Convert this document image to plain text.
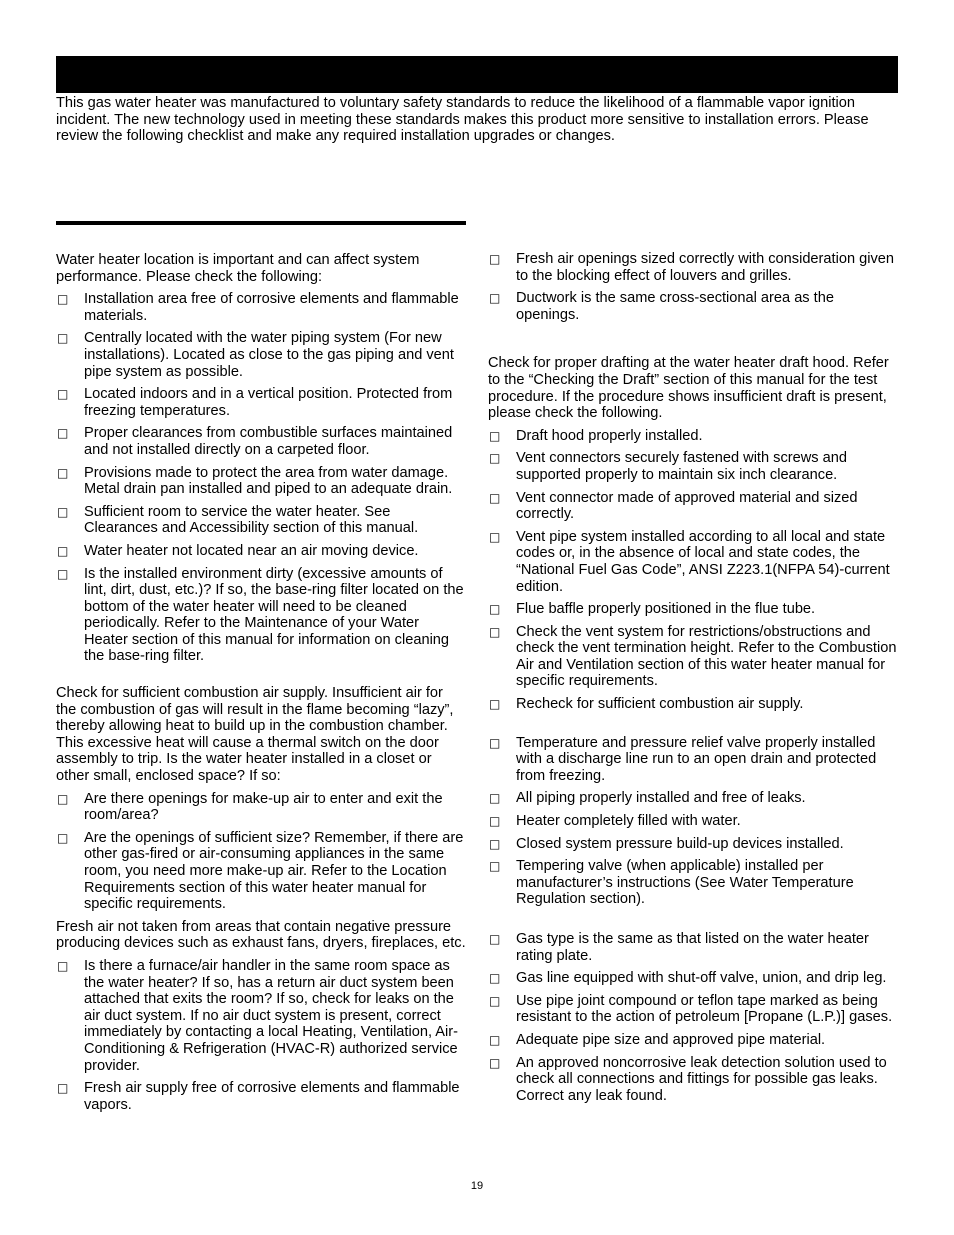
This gas water heater was manufactured to voluntary safety standards to reduce the likelihood of a flammable vapor ignition incident. The new technology used in meeting these standards makes this product more sensitive to installation errors. Please review the following checklist and make any required installation upgrades or changes.

Water heater location is important and can affect system performance. Please check the following:

□ Installation area free of corrosive elements and flammable materials.
□ Centrally located with the water piping system (For new installations). Located as close to the gas piping and vent pipe system as possible.
□ Located indoors and in a vertical position. Protected from freezing temperatures.
□ Proper clearances from combustible surfaces maintained and not installed directly on a carpeted floor.
□ Provisions made to protect the area from water damage. Metal drain pan installed and piped to an adequate drain.
□ Sufficient room to service the water heater. See Clearances and Accessibility section of this manual.
□ Water heater not located near an air moving device.
□ Is the installed environment dirty (excessive amounts of lint, dirt, dust, etc.)? If so, the base-ring filter located on the bottom of the water heater will need to be cleaned periodically. Refer to the Maintenance of your Water Heater section of this manual for information on cleaning the base-ring filter.

Check for sufficient combustion air supply. Insufficient air for the combustion of gas will result in the flame becoming “lazy”, thereby allowing heat to build up in the combustion chamber. This excessive heat will cause a thermal switch on the door assembly to trip. Is the water heater installed in a closet or other small, enclosed space? If so:

□ Are there openings for make-up air to enter and exit the room/area?
□ Are the openings of sufficient size? Remember, if there are other gas-fired or air-consuming appliances in the same room, you need more make-up air. Refer to the Location Requirements section of this water heater manual for specific requirements.

Fresh air not taken from areas that contain negative pressure producing devices such as exhaust fans, dryers, fireplaces, etc.

□ Is there a furnace/air handler in the same room space as the water heater? If so, has a return air duct system been attached that exits the room? If so, check for leaks on the air duct system. If no air duct system is present, correct immediately by contacting a local Heating, Ventilation, Air-Conditioning & Refrigeration (HVAC-R) authorized service provider.
□ Fresh air supply free of corrosive elements and flammable vapors.
□ Fresh air openings sized correctly with consideration given to the blocking effect of louvers and grilles.
□ Ductwork is the same cross-sectional area as the openings.

Check for proper drafting at the water heater draft hood. Refer to the “Checking the Draft” section of this manual for the test procedure. If the procedure shows insufficient draft is present, please check the following.

□ Draft hood properly installed.
□ Vent connectors securely fastened with screws and supported properly to maintain six inch clearance.
□ Vent connector made of approved material and sized correctly.
□ Vent pipe system installed according to all local and state codes or, in the absence of local and state codes, the “National Fuel Gas Code”, ANSI Z223.1(NFPA 54)-current edition.
□ Flue baffle properly positioned in the flue tube.
□ Check the vent system for restrictions/obstructions and check the vent termination height. Refer to the Combustion Air and Ventilation section of this water heater manual for specific requirements.
□ Recheck for sufficient combustion air supply.
□ Temperature and pressure relief valve properly installed with a discharge line run to an open drain and protected from freezing.
□ All piping properly installed and free of leaks.
□ Heater completely filled with water.
□ Closed system pressure build-up devices installed.
□ Tempering valve (when applicable) installed per manufacturer’s instructions (See Water Temperature Regulation section).
□ Gas type is the same as that listed on the water heater rating plate.
□ Gas line equipped with shut-off valve, union, and drip leg.
□ Use pipe joint compound or teflon tape marked as being resistant to the action of petroleum [Propane (L.P.)] gases.
□ Adequate pipe size and approved pipe material.
□ An approved noncorrosive leak detection solution used to check all connections and fittings for possible gas leaks. Correct any leak found.
19
